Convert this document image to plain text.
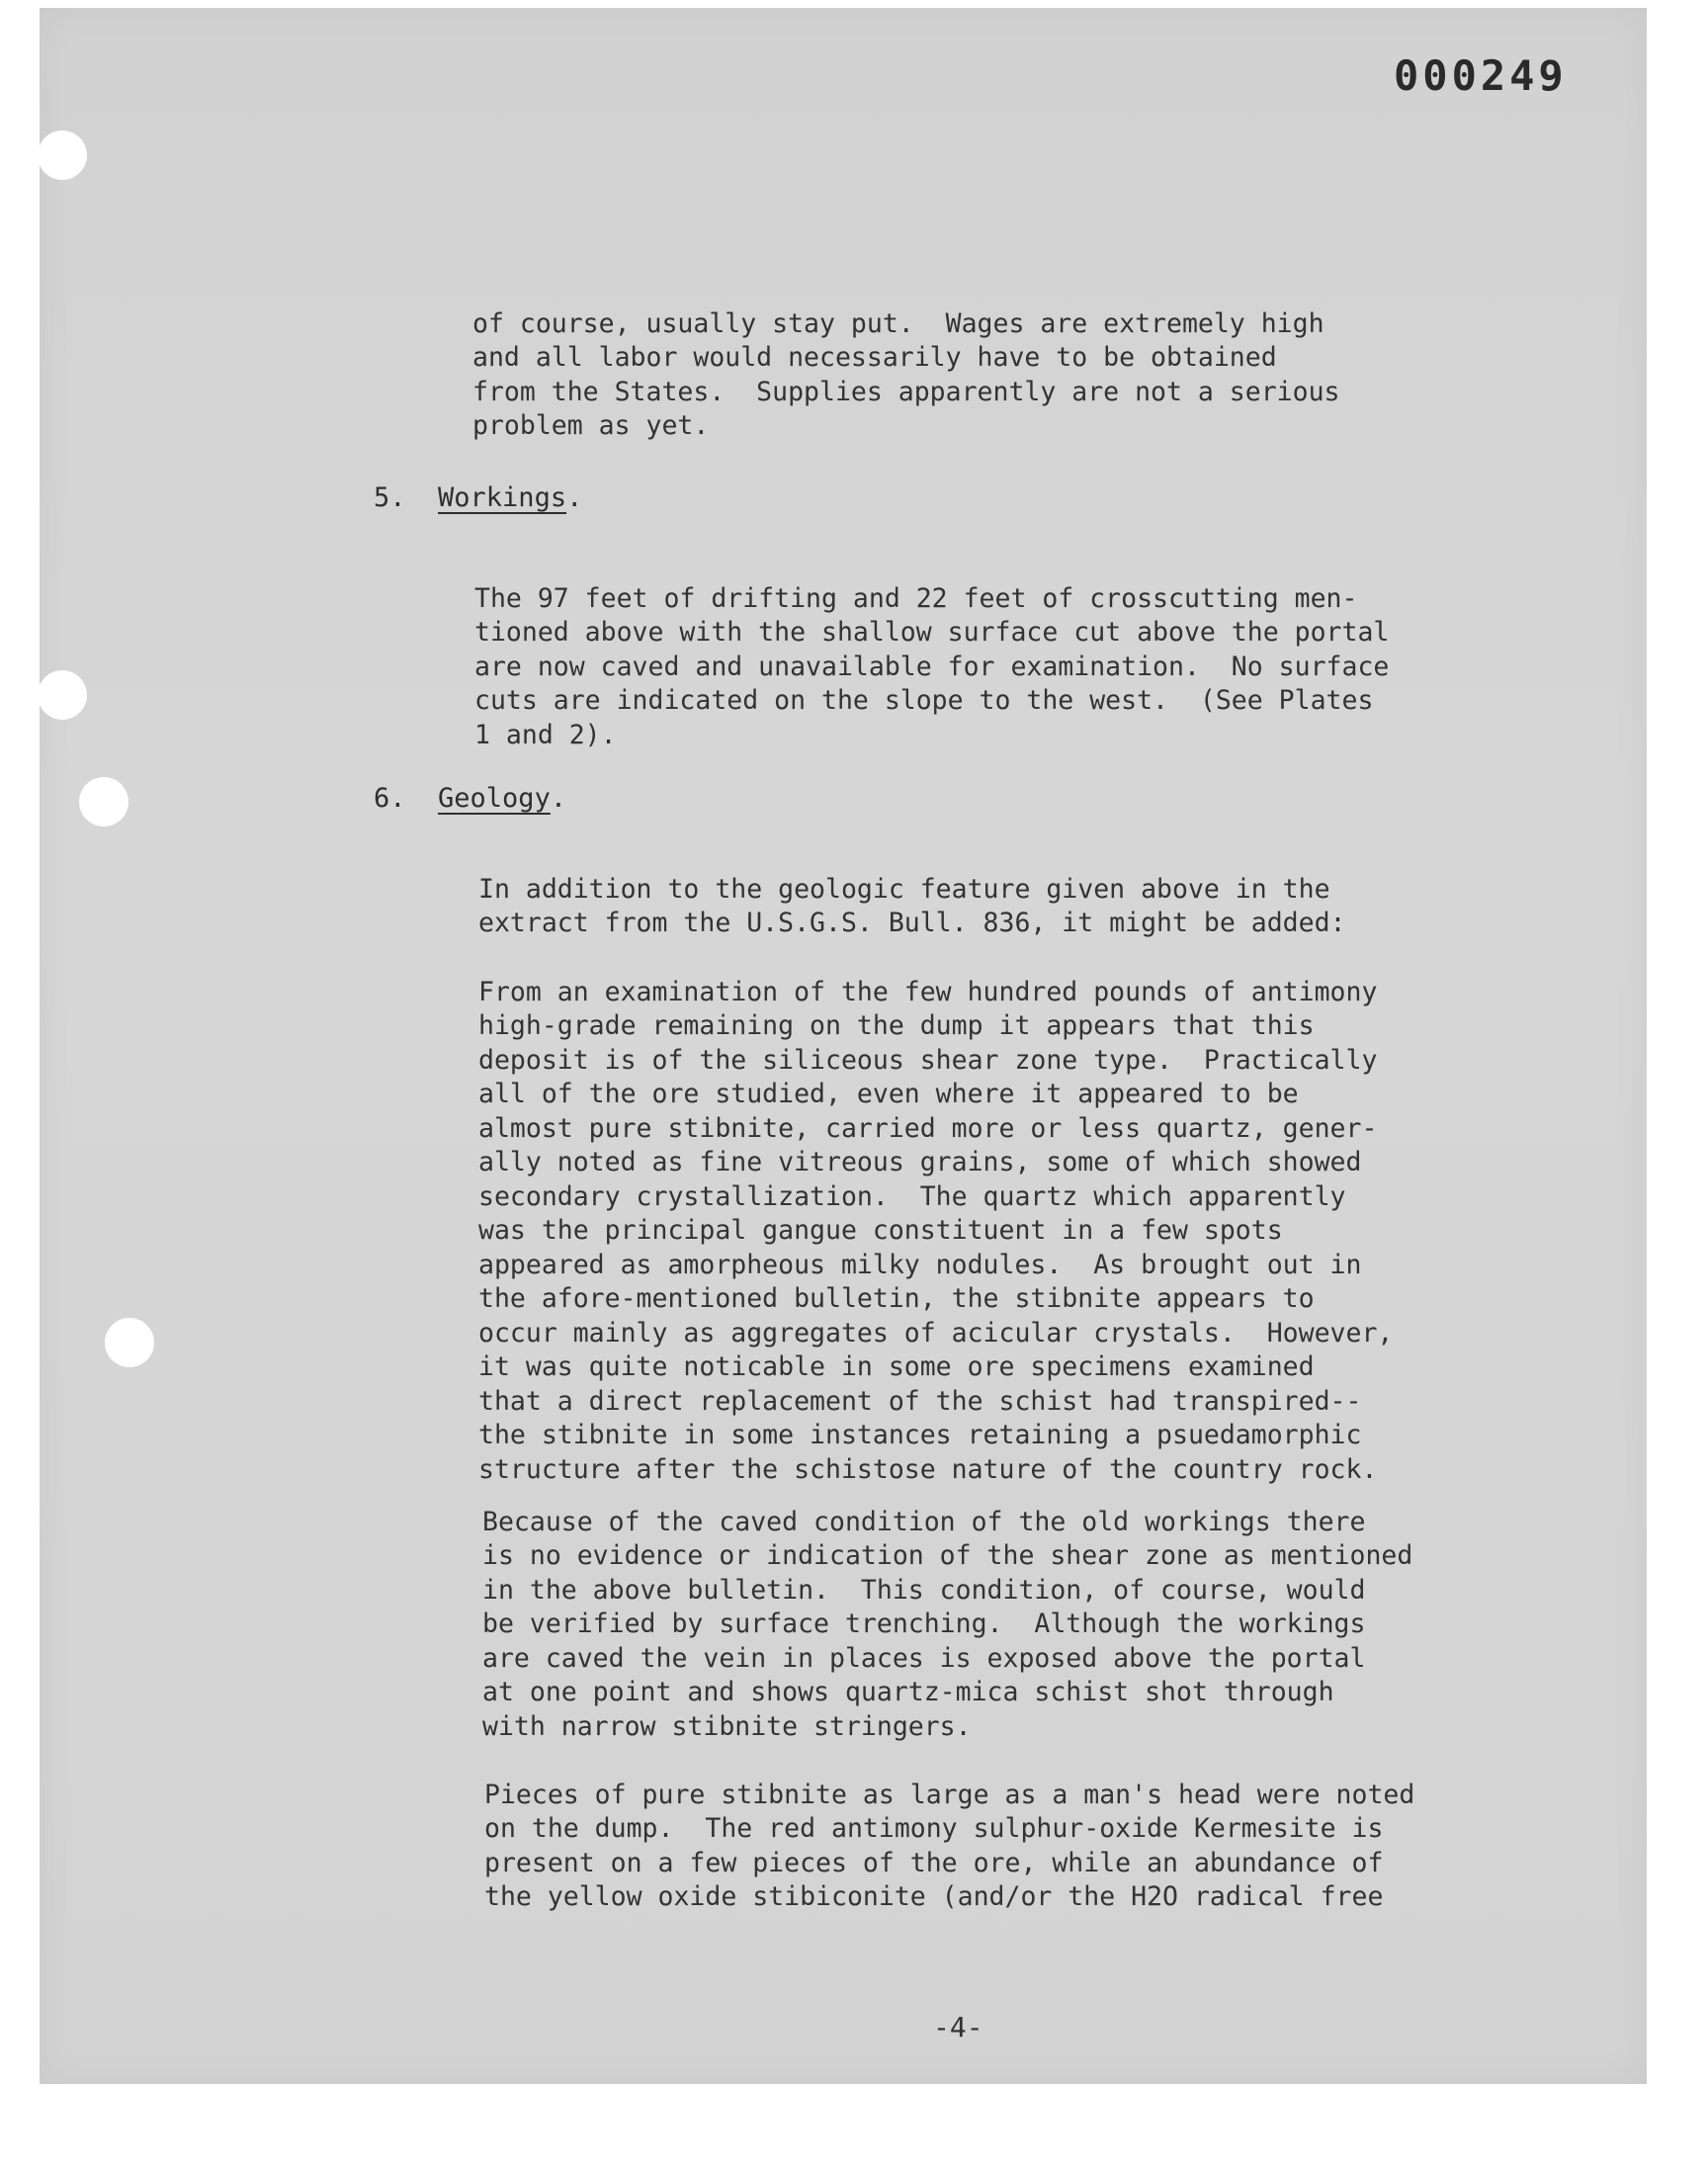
000249

of course, usually stay put.  Wages are extremely high
and all labor would necessarily have to be obtained
from the States.  Supplies apparently are not a serious
problem as yet.
5. Workings.

The 97 feet of drifting and 22 feet of crosscutting men-
tioned above with the shallow surface cut above the portal
are now caved and unavailable for examination.  No surface
cuts are indicated on the slope to the west.  (See Plates
1 and 2).
6. Geology.

In addition to the geologic feature given above in the
extract from the U.S.G.S. Bull. 836, it might be added:

From an examination of the few hundred pounds of antimony
high-grade remaining on the dump it appears that this
deposit is of the siliceous shear zone type.  Practically
all of the ore studied, even where it appeared to be
almost pure stibnite, carried more or less quartz, gener-
ally noted as fine vitreous grains, some of which showed
secondary crystallization.  The quartz which apparently
was the principal gangue constituent in a few spots
appeared as amorpheous milky nodules.  As brought out in
the afore-mentioned bulletin, the stibnite appears to
occur mainly as aggregates of acicular crystals.  However,
it was quite noticable in some ore specimens examined
that a direct replacement of the schist had transpired--
the stibnite in some instances retaining a psuedamorphic
structure after the schistose nature of the country rock.

Because of the caved condition of the old workings there
is no evidence or indication of the shear zone as mentioned
in the above bulletin.  This condition, of course, would
be verified by surface trenching.  Although the workings
are caved the vein in places is exposed above the portal
at one point and shows quartz-mica schist shot through
with narrow stibnite stringers.

Pieces of pure stibnite as large as a man's head were noted
on the dump.  The red antimony sulphur-oxide Kermesite is
present on a few pieces of the ore, while an abundance of
the yellow oxide stibiconite (and/or the H2O radical free
-4-
